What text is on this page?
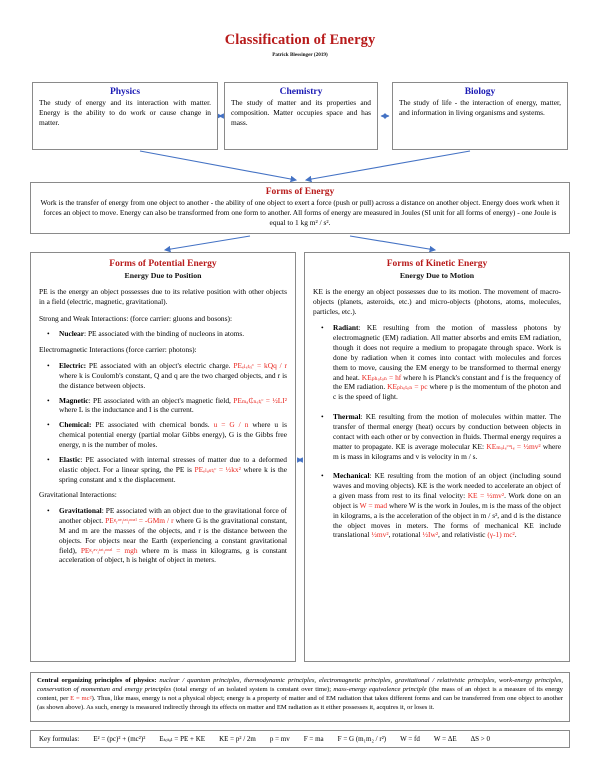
Classification of Energy
Patrick Blessinger (2019)
Physics
The study of energy and its interaction with matter. Energy is the ability to do work or cause change in matter.
Chemistry
The study of matter and its properties and composition. Matter occupies space and has mass.
Biology
The study of life - the interaction of energy, matter, and information in living organisms and systems.
Forms of Energy
Work is the transfer of energy from one object to another - the ability of one object to exert a force (push or pull) across a distance on another object. Energy does work when it forces an object to move. Energy can also be transformed from one form to another. All forms of energy are measured in Joules (SI unit for all forms of energy) - one Joule is equal to 1 kg m² / s².
Forms of Potential Energy
Energy Due to Position

PE is the energy an object possesses due to its relative position with other objects in a field (electric, magnetic, gravitational).

Strong and Weak Interactions: (force carrier: gluons and bosons):

• Nuclear: PE associated with the binding of nucleons in atoms.

Electromagnetic Interactions (force carrier: photons):

• Electric: PE associated with an object's electric charge. PEₑₗₑₜᵣᵢᶜ = kQq / r where k is Coulomb's constant, Q and q are the two charged objects, and r is the distance between objects.
• Magnetic: PE associated with an object's magnetic field, PEₘₐ₵ₙₑₜᵢᶜ = ½LI² where L is the inductance and I is the current.
• Chemical: PE associated with chemical bonds. u = G / n where u is chemical potential energy (partial molar Gibbs energy), G is the Gibbs free energy, n is the number of moles.
• Elastic: PE associated with internal stresses of matter due to a deformed elastic object. For a linear spring, the PE is PEₑₗₐₛₜᵢᶜ = ½kx² where k is the spring constant and x the displacement.

Gravitational Interactions:

• Gravitational: PE associated with an object due to the gravitational force of another object. PEᵍᵣᵃᵛᵢᵗᵃᵗᵢᵒᵒᵃˡ = -GMm / r where G is the gravitational constant, M and m are the masses of the objects, and r is the distance between the objects. For objects near the Earth (experiencing a constant gravitational field), PEᵍᵣᵃᵛᵢᵗᵃᵗᵢᵒᵒᵃˡ = mgh where m is mass in kilograms, g is constant acceleration of object, h is height of object in meters.
Forms of Kinetic Energy
Energy Due to Motion

KE is the energy an object possesses due to its motion. The movement of macro-objects (planets, asteroids, etc.) and micro-objects (photons, atoms, molecules, particles, etc.).

• Radiant: KE resulting from the motion of massless photons by electromagnetic (EM) radiation. All matter absorbs and emits EM radiation, though it does not require a medium to propagate through space. Work is done by radiation when it comes into contact with molecules and forces them to move, causing the EM energy to be transformed to thermal energy and heat. KEₚₕₒₜₒₙ = hf where h is Planck's constant and f is the frequency of the EM radiation. KEₚₕₒₜₒₙ = pc where p is the momentum of the photon and c is the speed of light.
• Thermal: KE resulting from the motion of molecules within matter. The transfer of thermal energy (heat) occurs by conduction between objects in contact with each other or by convection in fluids. Thermal energy requires a matter to propagate. KE is average molecular KE: KEₘₒₗₑᶜᵘₗₑ = ½mv² where m is mass in kilograms and v is velocity in m / s.
• Mechanical: KE resulting from the motion of an object (including sound waves and moving objects). KE is the work needed to accelerate an object of a given mass from rest to its final velocity: KE = ½mv². Work done on an object is W = mad where W is the work in Joules, m is the mass of the object in kilograms, a is the acceleration of the object in m / s², and d is the distance the object moves in meters. The forms of mechanical KE include translational ½mv², rotational ½Iw², and relativistic (γ-1) mc².
Central organizing principles of physics: nuclear / quantum principles, thermodynamic principles, electromagnetic principles, gravitational / relativistic principles, work-energy principles, conservation of momentum and energy principles (total energy of an isolated system is constant over time); mass-energy equivalence principle (the mass of an object is a measure of its energy content, per E = mc²). Thus, like mass, energy is not a physical object; energy is a property of matter and of EM radiation that takes different forms and can be transferred from one object to another (as shown above). As such, energy is measured indirectly through its effects on matter and EM radiation as it either possesses it, acquires it, or loses it.
Key formulas: E² = (pc)² + (mc²)² Eₜₒₜₐₗ = PE + KE KE = p² / 2m p = mv F = ma F = G (m₁m₂ / r²) W = fd W = ΔE ΔS > 0
